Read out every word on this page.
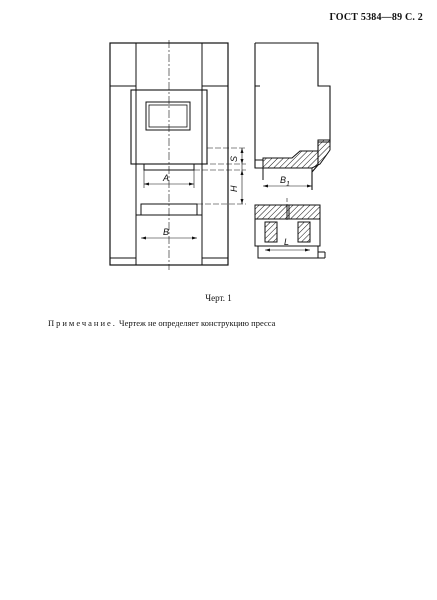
ГОСТ 5384—89 С. 2
A
B
S
H
$B_1$
L
Черт. 1
Примечание. Чертеж не определяет конструкцию пресса
